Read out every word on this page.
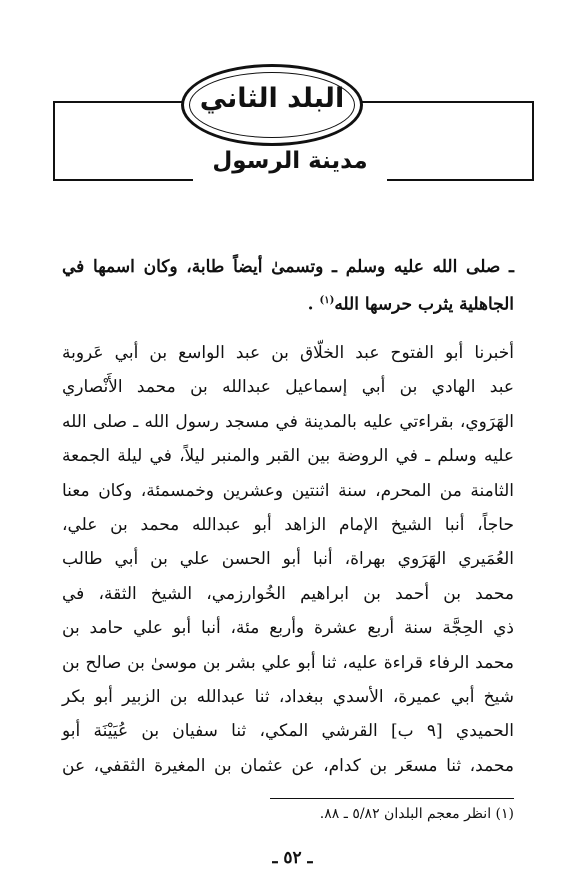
البلد الثاني
مدينة الرسول
ـ صلى الله عليه وسلم ـ وتسمىٰ أيضاً طابة، وكان اسمها في
الجاهلية يثرب حرسها الله$^{(١)}$ .
أخبرنا أبو الفتوح عبد الخلّاق بن عبد الواسع بن أبي عَروبة
عبد الهادي بن أبي إسماعيل عبدالله بن محمد الأَنْصاري
الهَرَوي، بقراءتي عليه بالمدينة في مسجد رسول الله ـ صلى الله
عليه وسلم ـ في الروضة بين القبر والمنبر ليلاً، في ليلة الجمعة
الثامنة من المحرم، سنة اثنتين وعشرين وخمسمئة، وكان معنا
حاجاً، أنبا الشيخ الإمام الزاهد أبو عبدالله محمد بن علي،
العُمَيري الهَرَوي بهراة، أنبا أبو الحسن علي بن أبي طالب
محمد بن أحمد بن ابراهيم الخُوارزمي، الشيخ الثقة، في
ذي الحِجَّة سنة أربع عشرة وأربع مئة، أنبا أبو علي حامد بن
محمد الرفاء قراءة عليه، ثنا أبو علي بشر بن موسىٰ بن صالح بن
شيخ أبي عميرة، الأسدي ببغداد، ثنا عبدالله بن الزبير أبو بكر
الحميدي [٩ ب] القرشي المكي، ثنا سفيان بن عُيَيْنَة أبو
محمد، ثنا مسعَر بن كدام، عن عثمان بن المغيرة الثقفي، عن
(١) انظر معجم البلدان ٥/٨٢ ـ ٨٨.
ـ ٥٢ ـ
